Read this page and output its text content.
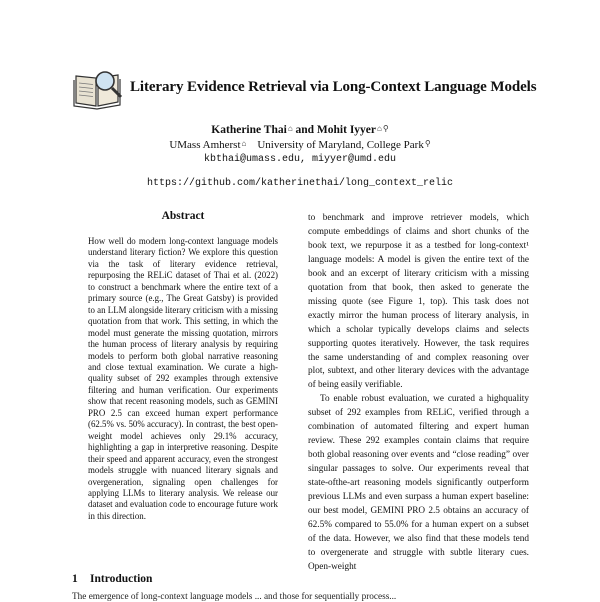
Literary Evidence Retrieval via Long-Context Language Models
Katherine Thai⌂ and Mohit Iyyer⌂⚲
UMass Amherst⌂ University of Maryland, College Park⚲
kbthai@umass.edu, miyyer@umd.edu
https://github.com/katherinethai/long_context_relic
Abstract
How well do modern long-context language models understand literary fiction? We explore this question via the task of literary evidence retrieval, repurposing the RELiC dataset of Thai et al. (2022) to construct a benchmark where the entire text of a primary source (e.g., The Great Gatsby) is provided to an LLM alongside literary criticism with a missing quotation from that work. This setting, in which the model must generate the missing quotation, mirrors the human process of literary analysis by requiring models to perform both global narrative reasoning and close textual examination. We curate a high-quality subset of 292 examples through extensive filtering and human verification. Our experiments show that recent reasoning models, such as GEMINI PRO 2.5 can exceed human expert performance (62.5% vs. 50% accuracy). In contrast, the best open-weight model achieves only 29.1% accuracy, highlighting a gap in interpretive reasoning. Despite their speed and apparent accuracy, even the strongest models struggle with nuanced literary signals and overgeneration, signaling open challenges for applying LLMs to literary analysis. We release our dataset and evaluation code to encourage future work in this direction.
1 Introduction

to benchmark and improve retriever models, which compute embeddings of claims and short chunks of the book text, we repurpose it as a testbed for long-context¹ language models: A model is given the entire text of the book and an excerpt of literary criticism with a missing quotation from that book, then asked to generate the missing quote (see Figure 1, top). This task does not exactly mirror the human process of literary analysis, in which a scholar typically develops claims and selects supporting quotes iteratively. However, the task requires the same understanding of and complex reasoning over plot, subtext, and other literary devices with the advantage of being easily verifiable.

To enable robust evaluation, we curated a highquality subset of 292 examples from RELiC, verified through a combination of automated filtering and expert human review. These 292 examples contain claims that require both global reasoning over events and “close reading” over singular passages to solve. Our experiments reveal that state-ofthe-art reasoning models significantly outperform previous LLMs and even surpass a human expert baseline: our best model, GEMINI PRO 2.5 obtains an accuracy of 62.5% compared to 55.0% for a human expert on a subset of the data. However, we also find that these models tend to overgenerate and struggle with subtle literary cues. Open-weight

The emergence of long-context language models ... and those for sequentially process...
